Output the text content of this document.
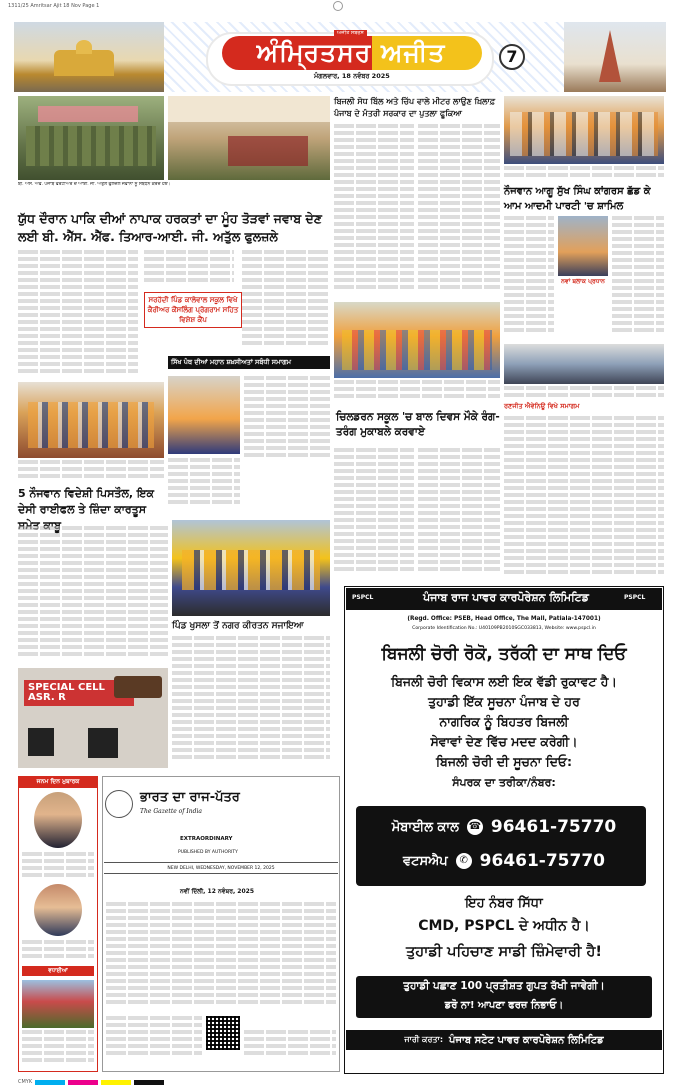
1311/25 Amritsar Ajit 18 Nov Page 1
ਅਜੀਤ ਸਬਰਸ
ਅੰਮ੍ਰਿਤਸਰ ਅਜੀਤ
ਮੰਗਲਵਾਰ, 18 ਨਵੰਬਰ 2025
7
ਬੀ. ਐੱਸ. ਐੱਫ. ਪੰਜਾਬ ਫਰੰਟੀਅਰ ਦੇ ਆਈ. ਜੀ. ਅਤੁੱਲ ਫੁਲਜ਼ਲੇ ਜਵਾਨਾਂ ਨੂੰ ਸੰਬੋਧਨ ਕਰਦੇ ਹੋਏ।
ਯੁੱਧ ਦੌਰਾਨ ਪਾਕਿ ਦੀਆਂ ਨਾਪਾਕ ਹਰਕਤਾਂ ਦਾ ਮੂੰਹ ਤੋੜਵਾਂ ਜਵਾਬ ਦੇਣ ਲਈ ਬੀ. ਐੱਸ. ਐੱਫ. ਤਿਆਰ-ਆਈ. ਜੀ. ਅਤੁੱਲ ਫੁਲਜ਼ਲੇ
ਸਰਹੱਦੀ ਪਿੰਡ ਕਾਲੇਵਾਲ ਸਕੂਲ ਵਿਖੇ ਕੈਰੀਅਰ ਕੌਂਸਲਿੰਗ ਪ੍ਰੋਗਰਾਮ ਸਹਿਤ ਵਿਸ਼ੇਸ਼ ਕੈਂਪ
5 ਨੌਜਵਾਨ ਵਿਦੇਸ਼ੀ ਪਿਸਤੌਲ, ਇਕ ਦੇਸੀ ਰਾਈਫਲ ਤੇ ਜ਼ਿੰਦਾ ਕਾਰਤੂਸ
ਸਿੱਖ ਪੰਥ ਦੀਆਂ ਮਹਾਨ ਸ਼ਖ਼ਸੀਅਤਾਂ ਸਬੰਧੀ ਸਮਾਗਮ
ਪਿੰਡ ਖੁਸਲਾ ਤੋਂ ਨਗਰ ਕੀਰਤਨ ਸਜਾਇਆ
SPECIAL CELL ASR. R
ਬਿਜਲੀ ਸੋਧ ਬਿੱਲ ਅਤੇ ਚਿੱਪ ਵਾਲੇ ਮੀਟਰ ਲਾਉਣ ਖ਼ਿਲਾਫ਼ ਪੰਜਾਬ ਦੇ ਮੰਤਰੀ ਸਰਕਾਰ ਦਾ ਪੁਤਲਾ ਫੂਕਿਆ
ਚਿਲਡਰਨ ਸਕੂਲ 'ਚ ਬਾਲ ਦਿਵਸ ਮੌਕੇ ਰੰਗ-ਤਰੰਗ ਮੁਕਾਬਲੇ ਕਰਵਾਏ
ਨੌਜਵਾਨ ਆਗੂ ਸੁੱਖ ਸਿੰਘ ਕਾਂਗਰਸ ਛੱਡ ਕੇ ਆਮ ਆਦਮੀ ਪਾਰਟੀ 'ਚ ਸ਼ਾਮਿਲ
ਨਵਾਂ ਬਲਾਕ ਪ੍ਰਧਾਨ
ਰਣਜੀਤ ਐਵੇਨਿਊ ਵਿਖੇ ਸਮਾਗਮ
ਜਨਮ ਦਿਨ ਮੁਬਾਰਕ
ਵਧਾਈਆਂ
ਭਾਰਤ ਦਾ ਰਾਜ-ਪੱਤਰ
The Gazette of India
EXTRAORDINARY
PUBLISHED BY AUTHORITY
NEW DELHI, WEDNESDAY, NOVEMBER 12, 2025
ਨਵੀਂ ਦਿੱਲੀ, 12 ਨਵੰਬਰ, 2025
PSPCL	PSPCL
ਪੰਜਾਬ ਰਾਜ ਪਾਵਰ ਕਾਰਪੋਰੇਸ਼ਨ ਲਿਮਿਟਿਡ
(Regd. Office: PSEB, Head Office, The Mall, Patiala-147001)
Corporate Identification No.: U40109PB2010SGC033813, Website: www.pspcl.in
ਬਿਜਲੀ ਚੋਰੀ ਰੋਕੋ, ਤਰੱਕੀ ਦਾ ਸਾਥ ਦਿਓ
ਬਿਜਲੀ ਚੋਰੀ ਵਿਕਾਸ ਲਈ ਇਕ ਵੱਡੀ ਰੁਕਾਵਟ ਹੈ।
ਤੁਹਾਡੀ ਇੱਕ ਸੂਚਨਾ ਪੰਜਾਬ ਦੇ ਹਰ
ਨਾਗਰਿਕ ਨੂੰ ਬਿਹਤਰ ਬਿਜਲੀ
ਸੇਵਾਵਾਂ ਦੇਣ ਵਿੱਚ ਮਦਦ ਕਰੇਗੀ।
ਬਿਜਲੀ ਚੋਰੀ ਦੀ ਸੂਚਨਾ ਦਿਓ:
ਸੰਪਰਕ ਦਾ ਤਰੀਕਾ/ਨੰਬਰ:
ਮੋਬਾਈਲ ਕਾਲ ☎ 96461-75770
ਵਟਸਐਪ	✆ 96461-75770
ਇਹ ਨੰਬਰ ਸਿੱਧਾ
CMD, PSPCL ਦੇ ਅਧੀਨ ਹੈ।
ਤੁਹਾਡੀ ਪਹਿਚਾਣ ਸਾਡੀ ਜ਼ਿੰਮੇਵਾਰੀ ਹੈ!
ਤੁਹਾਡੀ ਪਛਾਣ 100 ਪ੍ਰਤੀਸ਼ਤ ਗੁਪਤ ਰੱਖੀ ਜਾਵੇਗੀ।
ਡਰੋ ਨਾ! ਆਪਣਾ ਫਰਜ਼ ਨਿਭਾਓ।
ਜਾਰੀ ਕਰਤਾ: ਪੰਜਾਬ ਸਟੇਟ ਪਾਵਰ ਕਾਰਪੋਰੇਸ਼ਨ ਲਿਮਿਟਿਡ
CMYK
